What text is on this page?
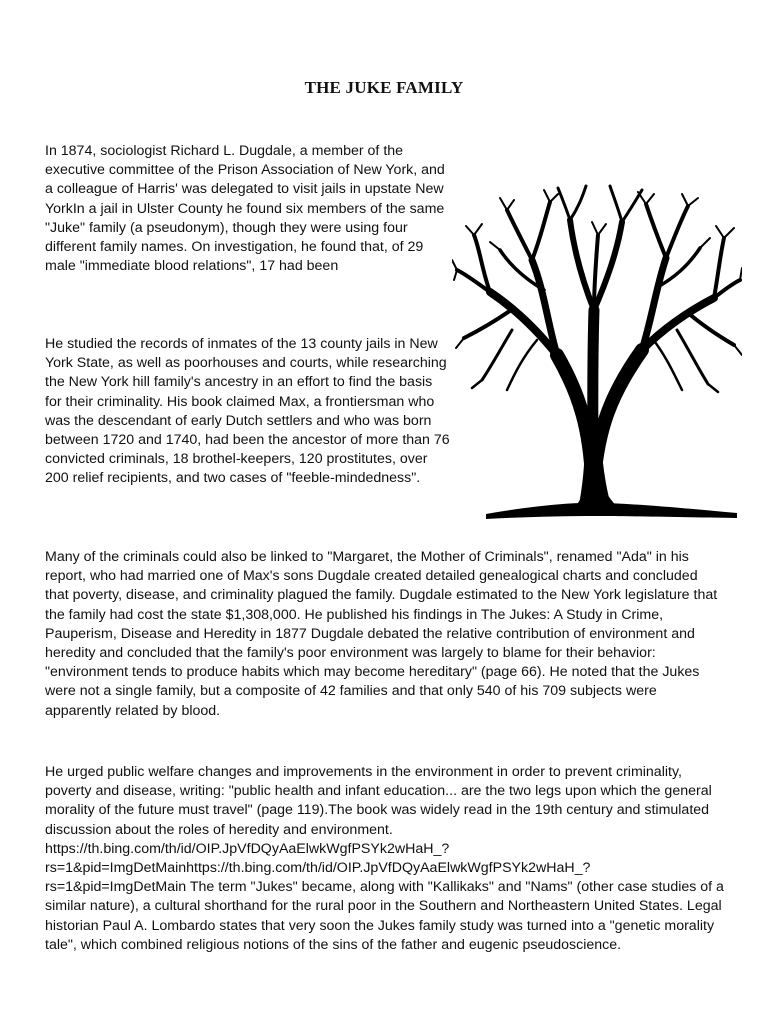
THE JUKE FAMILY

In 1874, sociologist Richard L. Dugdale, a member of the executive committee of the Prison Association of New York, and a colleague of Harris' was delegated to visit jails in upstate New YorkIn a jail in Ulster County he found six members of the same "Juke" family (a pseudonym), though they were using four different family names. On investigation, he found that, of 29 male "immediate blood relations", 17 had been

He studied the records of inmates of the 13 county jails in New York State, as well as poorhouses and courts, while researching the New York hill family's ancestry in an effort to find the basis for their criminality. His book claimed Max, a frontiersman who was the descendant of early Dutch settlers and who was born between 1720 and 1740, had been the ancestor of more than 76 convicted criminals, 18 brothel-keepers, 120 prostitutes, over 200 relief recipients, and two cases of "feeble-mindedness".

Many of the criminals could also be linked to "Margaret, the Mother of Criminals", renamed "Ada" in his report, who had married one of Max's sons Dugdale created detailed genealogical charts and concluded that poverty, disease, and criminality plagued the family. Dugdale estimated to the New York legislature that the family had cost the state $1,308,000. He published his findings in The Jukes: A Study in Crime, Pauperism, Disease and Heredity in 1877 Dugdale debated the relative contribution of environment and heredity and concluded that the family's poor environment was largely to blame for their behavior: "environment tends to produce habits which may become hereditary" (page 66). He noted that the Jukes were not a single family, but a composite of 42 families and that only 540 of his 709 subjects were apparently related by blood.

He urged public welfare changes and improvements in the environment in order to prevent criminality, poverty and disease, writing: "public health and infant education... are the two legs upon which the general morality of the future must travel" (page 119).The book was widely read in the 19th century and stimulated discussion about the roles of heredity and environment. https://th.bing.com/th/id/OIP.JpVfDQyAaElwkWgfPSYk2wHaH_?rs=1&pid=ImgDetMainhttps://th.bing.com/th/id/OIP.JpVfDQyAaElwkWgfPSYk2wHaH_?rs=1&pid=ImgDetMain The term "Jukes" became, along with "Kallikaks" and "Nams" (other case studies of a similar nature), a cultural shorthand for the rural poor in the Southern and Northeastern United States. Legal historian Paul A. Lombardo states that very soon the Jukes family study was turned into a "genetic morality tale", which combined religious notions of the sins of the father and eugenic pseudoscience.
